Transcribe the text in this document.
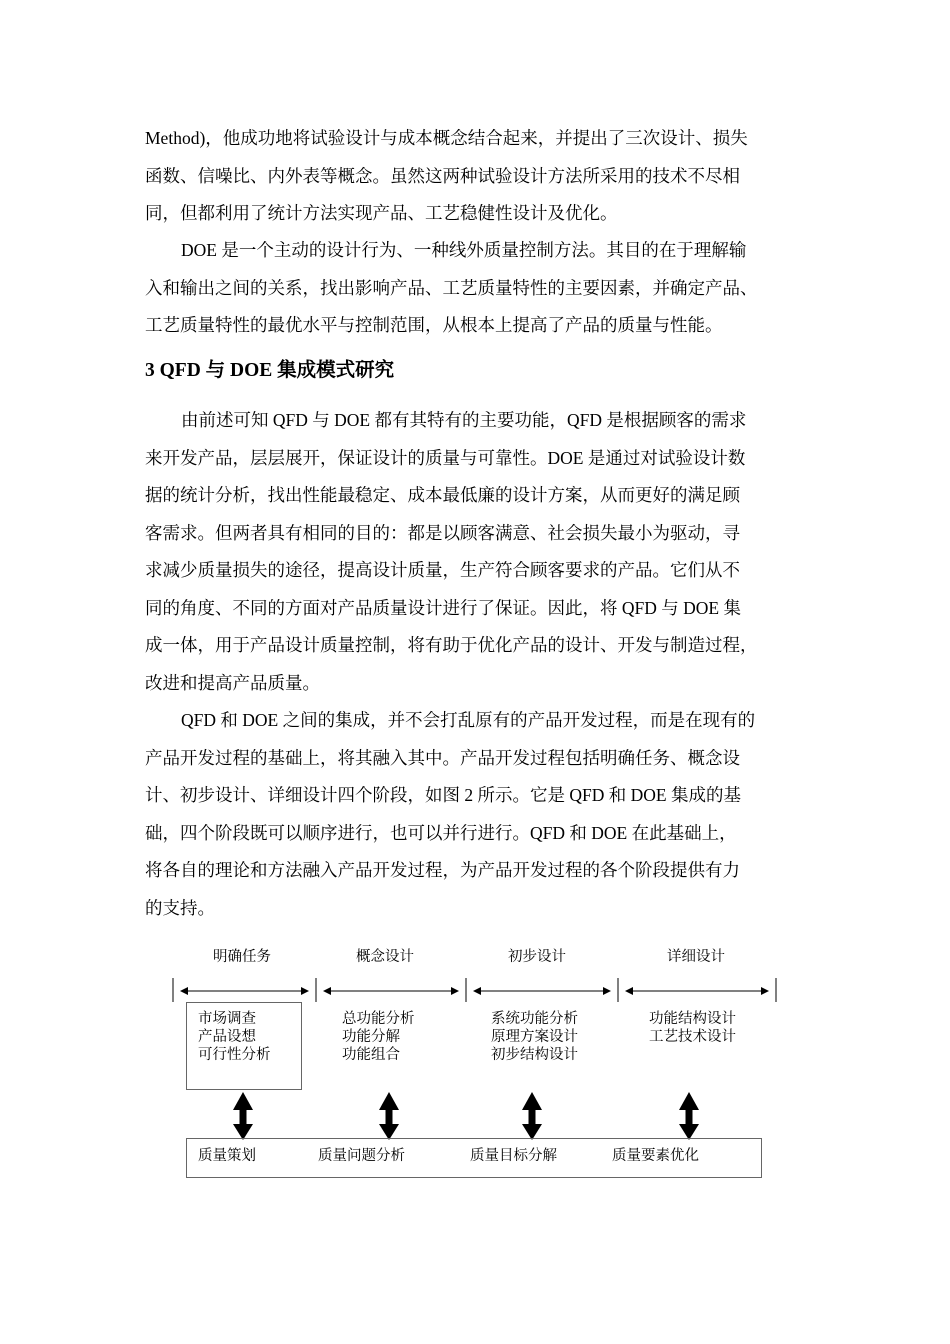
Method)，他成功地将试验设计与成本概念结合起来，并提出了三次设计、损失
函数、信噪比、内外表等概念。虽然这两种试验设计方法所采用的技术不尽相
同，但都利用了统计方法实现产品、工艺稳健性设计及优化。
DOE 是一个主动的设计行为、一种线外质量控制方法。其目的在于理解输
入和输出之间的关系，找出影响产品、工艺质量特性的主要因素，并确定产品、
工艺质量特性的最优水平与控制范围，从根本上提高了产品的质量与性能。
3 QFD 与 DOE 集成模式研究
由前述可知 QFD 与 DOE 都有其特有的主要功能，QFD 是根据顾客的需求
来开发产品，层层展开，保证设计的质量与可靠性。DOE 是通过对试验设计数
据的统计分析，找出性能最稳定、成本最低廉的设计方案，从而更好的满足顾
客需求。但两者具有相同的目的：都是以顾客满意、社会损失最小为驱动，寻
求减少质量损失的途径，提高设计质量，生产符合顾客要求的产品。它们从不
同的角度、不同的方面对产品质量设计进行了保证。因此，将 QFD 与 DOE 集
成一体，用于产品设计质量控制，将有助于优化产品的设计、开发与制造过程，
改进和提高产品质量。
QFD 和 DOE 之间的集成，并不会打乱原有的产品开发过程，而是在现有的
产品开发过程的基础上，将其融入其中。产品开发过程包括明确任务、概念设
计、初步设计、详细设计四个阶段，如图 2 所示。它是 QFD 和 DOE 集成的基
础，四个阶段既可以顺序进行，也可以并行进行。QFD 和 DOE 在此基础上，
将各自的理论和方法融入产品开发过程，为产品开发过程的各个阶段提供有力
的支持。
明确任务	概念设计	初步设计	详细设计
市场调查
产品设想
可行性分析
总功能分析
功能分解
功能组合
系统功能分析
原理方案设计
初步结构设计
功能结构设计
工艺技术设计
质量策划	质量问题分析	质量目标分解	质量要素优化
